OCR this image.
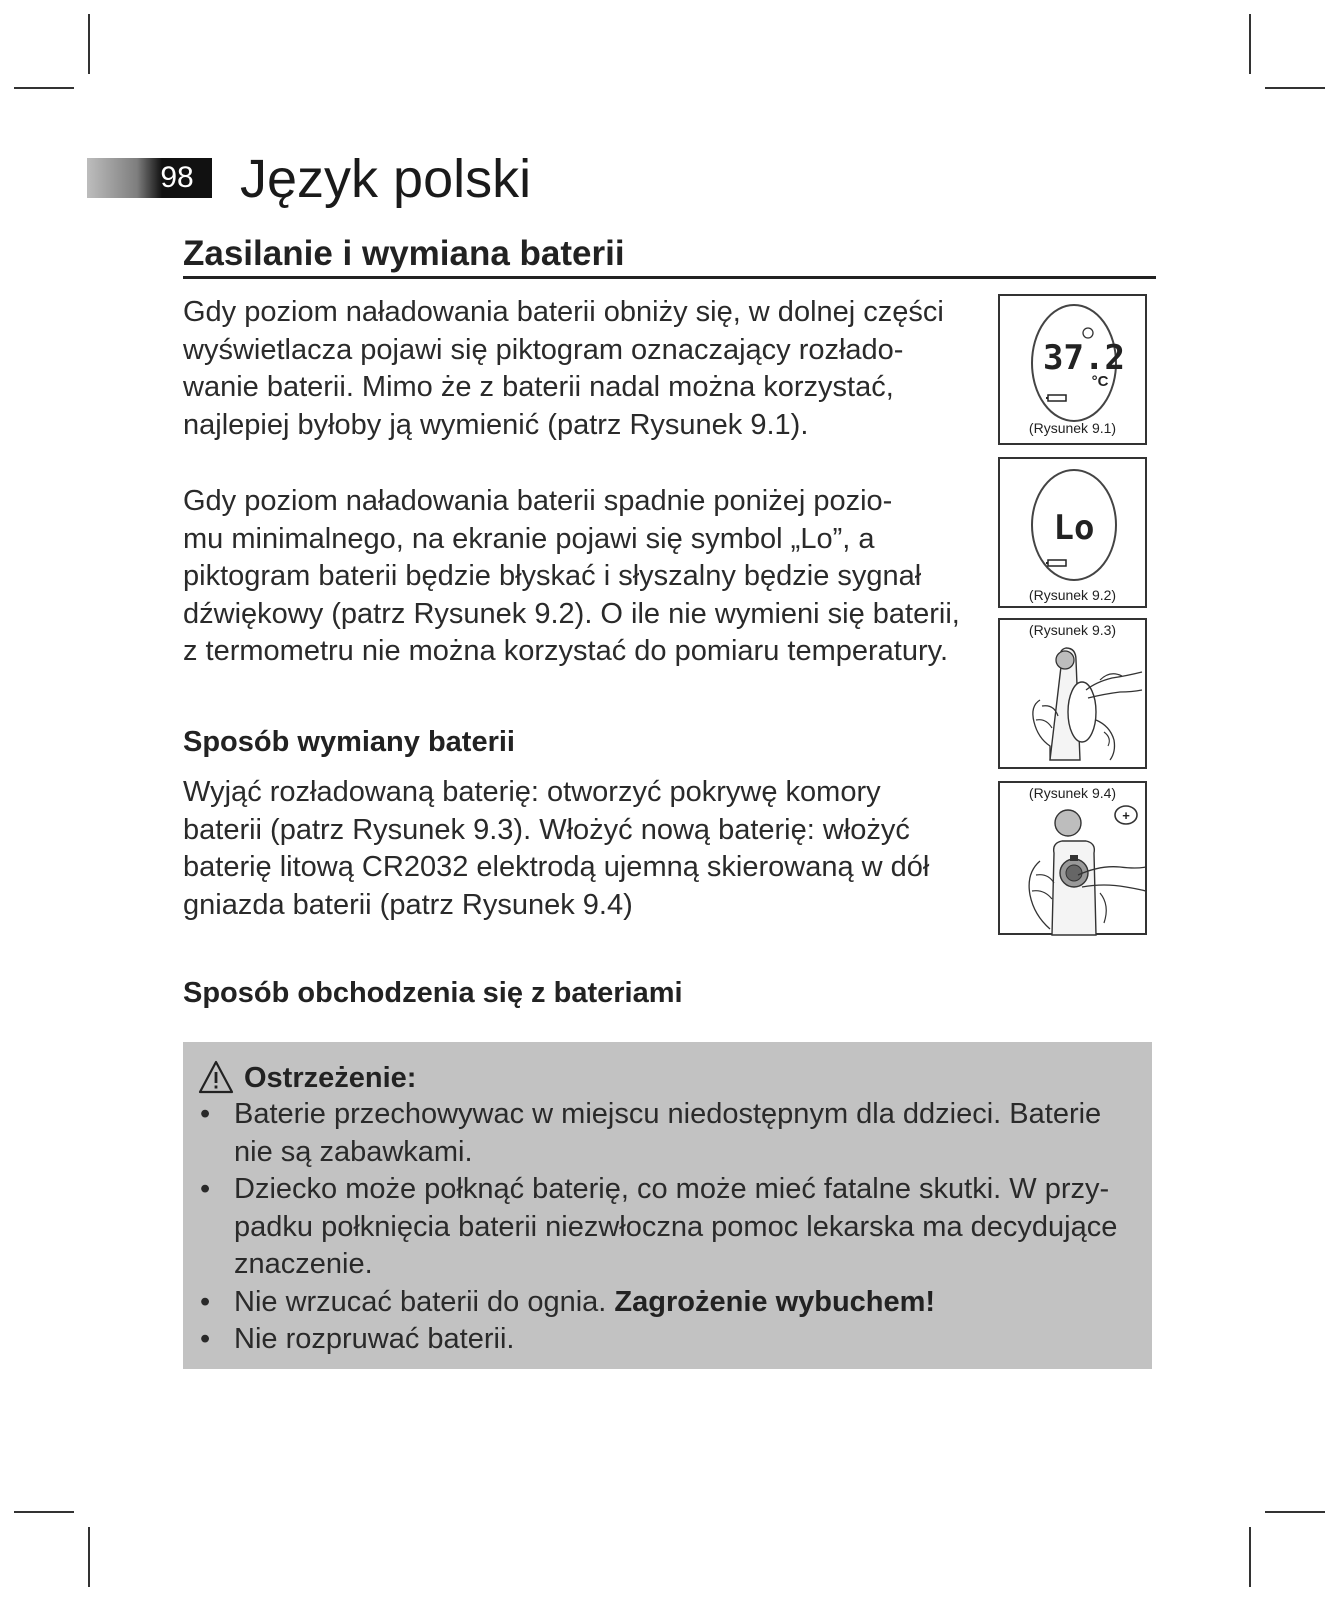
98 Język polski
Zasilanie i wymiana baterii

Gdy poziom naładowania baterii obniży się, w dolnej części
wyświetlacza pojawi się piktogram oznaczający rozłado-
wanie baterii. Mimo że z baterii nadal można korzystać,
najlepiej byłoby ją wymienić (patrz Rysunek 9.1).

Gdy poziom naładowania baterii spadnie poniżej pozio-
mu minimalnego, na ekranie pojawi się symbol „Lo”, a
piktogram baterii będzie błyskać i słyszalny będzie sygnał
dźwiękowy (patrz Rysunek 9.2). O ile nie wymieni się baterii,
z termometru nie można korzystać do pomiaru temperatury.

Sposób wymiany baterii

Wyjąć rozładowaną baterię: otworzyć pokrywę komory
baterii (patrz Rysunek 9.3). Włożyć nową baterię: włożyć
baterię litową CR2032 elektrodą ujemną skierowaną w dół
gniazda baterii (patrz Rysunek 9.4)

Sposób obchodzenia się z bateriami
37.2
°C
(Rysunek 9.1)
Lo
(Rysunek 9.2)
(Rysunek 9.3)
+
(Rysunek 9.4)
Ostrzeżenie:
• Baterie przechowywac w miejscu niedostępnym dla ddzieci. Baterie
nie są zabawkami.
• Dziecko może połknąć baterię, co może mieć fatalne skutki. W przy-
padku połknięcia baterii niezwłoczna pomoc lekarska ma decydujące
znaczenie.
• Nie wrzucać baterii do ognia. Zagrożenie wybuchem!
• Nie rozpruwać baterii.
